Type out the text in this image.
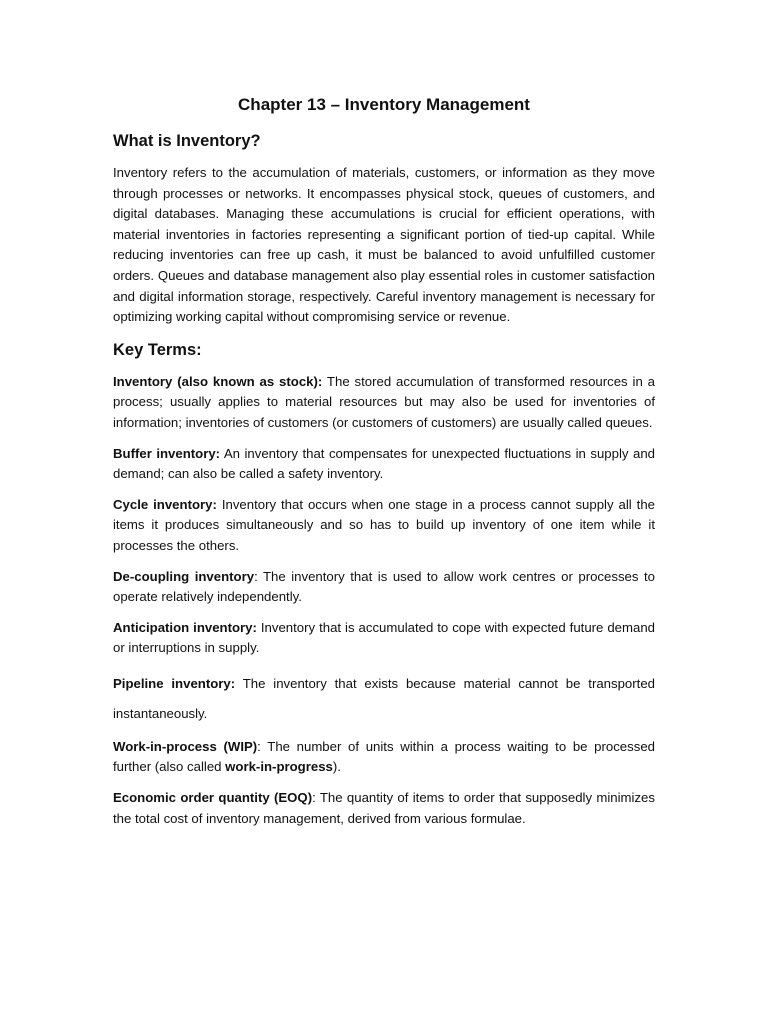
Chapter 13 – Inventory Management
What is Inventory?

Inventory refers to the accumulation of materials, customers, or information as they move through processes or networks. It encompasses physical stock, queues of customers, and digital databases. Managing these accumulations is crucial for efficient operations, with material inventories in factories representing a significant portion of tied-up capital. While reducing inventories can free up cash, it must be balanced to avoid unfulfilled customer orders. Queues and database management also play essential roles in customer satisfaction and digital information storage, respectively. Careful inventory management is necessary for optimizing working capital without compromising service or revenue.

Key Terms:

Inventory (also known as stock): The stored accumulation of transformed resources in a process; usually applies to material resources but may also be used for inventories of information; inventories of customers (or customers of customers) are usually called queues.

Buffer inventory: An inventory that compensates for unexpected fluctuations in supply and demand; can also be called a safety inventory.

Cycle inventory: Inventory that occurs when one stage in a process cannot supply all the items it produces simultaneously and so has to build up inventory of one item while it processes the others.

De-coupling inventory: The inventory that is used to allow work centres or processes to operate relatively independently.

Anticipation inventory: Inventory that is accumulated to cope with expected future demand or interruptions in supply.

Pipeline inventory: The inventory that exists because material cannot be transported instantaneously.

Work-in-process (WIP): The number of units within a process waiting to be processed further (also called work-in-progress).

Economic order quantity (EOQ): The quantity of items to order that supposedly minimizes the total cost of inventory management, derived from various formulae.
